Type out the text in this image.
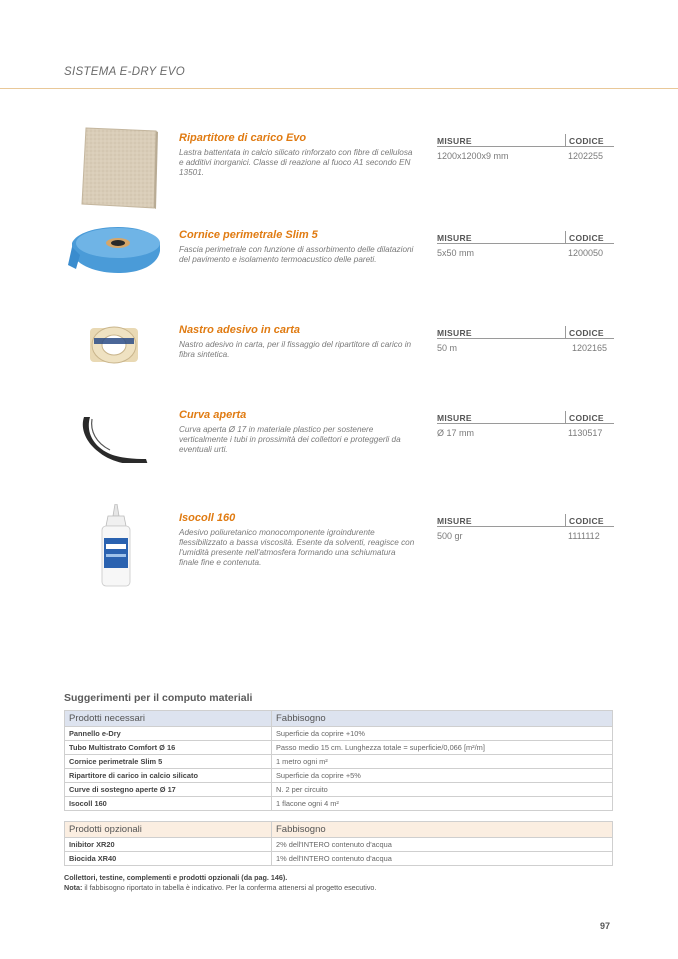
SISTEMA E-DRY EVO
Ripartitore di carico Evo
Lastra battentata in calcio silicato rinforzato con fibre di cellulosa e additivi inorganici. Classe di reazione al fuoco A1 secondo EN 13501.
MISURE	CODICE
1200x1200x9 mm	1202255
Cornice perimetrale Slim 5
Fascia perimetrale con funzione di assorbimento delle dilatazioni del pavimento e isolamento termoacustico delle pareti.
MISURE	CODICE
5x50 mm	1200050
Nastro adesivo in carta
Nastro adesivo in carta, per il fissaggio del ripartitore di carico in fibra sintetica.
MISURE	CODICE
50 m	1202165
Curva aperta
Curva aperta Ø 17 in materiale plastico per sostenere verticalmente i tubi in prossimità dei collettori e proteggerli da eventuali urti.
MISURE	CODICE
Ø 17 mm	1130517
Isocoll 160
Adesivo poliuretanico monocomponente igroindurente flessibilizzato a bassa viscosità. Esente da solventi, reagisce con l'umidità presente nell'atmosfera formando una schiumatura finale fine e contenuta.
MISURE	CODICE
500 gr	1111112
Suggerimenti per il computo materiali
Prodotti necessari	Fabbisogno
Pannello e-Dry	Superficie da coprire +10%
Tubo Multistrato Comfort Ø 16	Passo medio 15 cm. Lunghezza totale = superficie/0,066 [m²/m]
Cornice perimetrale Slim 5	1 metro ogni m²
Ripartitore di carico in calcio silicato	Superficie da coprire +5%
Curve di sostegno aperte Ø 17	N. 2 per circuito
Isocoll 160	1 flacone ogni 4 m²
Prodotti opzionali	Fabbisogno
Inibitor XR20	2% dell'INTERO contenuto d'acqua
Biocida XR40	1% dell'INTERO contenuto d'acqua
Collettori, testine, complementi e prodotti opzionali (da pag. 146).
Nota: il fabbisogno riportato in tabella è indicativo. Per la conferma attenersi al progetto esecutivo.
97
